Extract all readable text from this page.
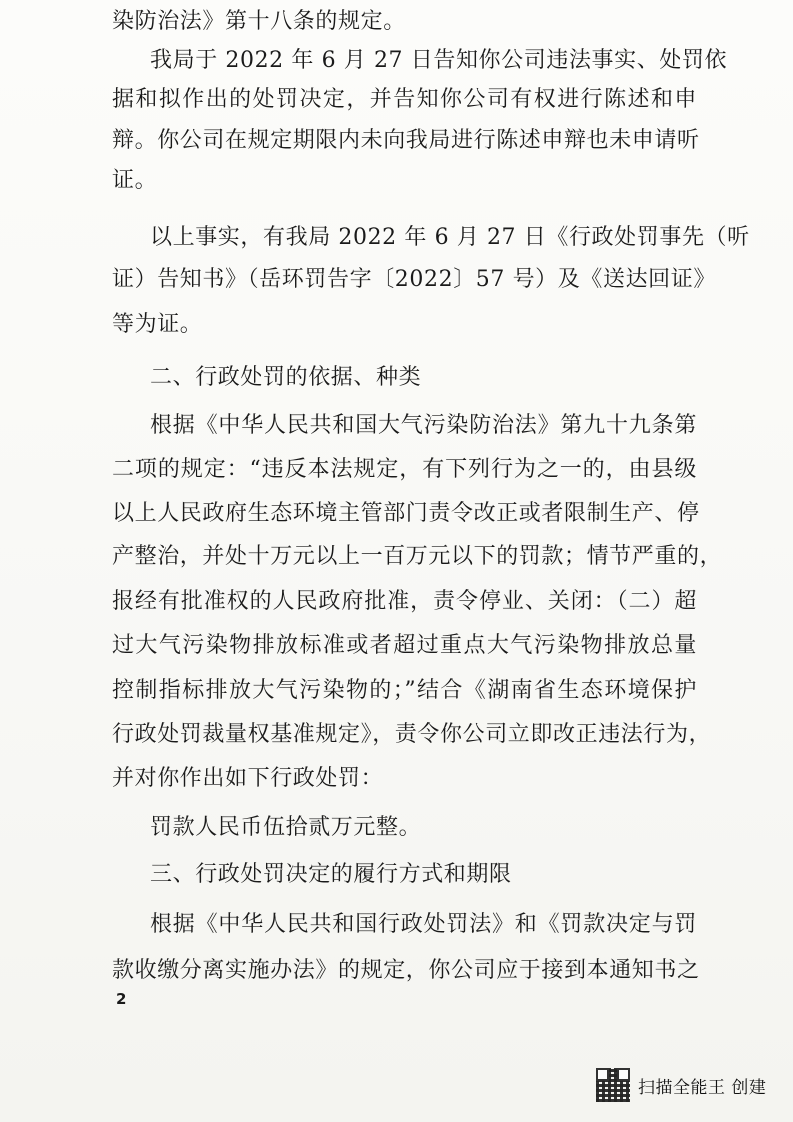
染防治法》第十八条的规定。
我局于 2022 年 6 月 27 日告知你公司违法事实、处罚依
据和拟作出的处罚决定，并告知你公司有权进行陈述和申
辩。你公司在规定期限内未向我局进行陈述申辩也未申请听
证。
以上事实，有我局 2022 年 6 月 27 日《行政处罚事先（听
证）告知书》（岳环罚告字〔2022〕57 号）及《送达回证》
等为证。
二、行政处罚的依据、种类
根据《中华人民共和国大气污染防治法》第九十九条第
二项的规定：“违反本法规定，有下列行为之一的，由县级
以上人民政府生态环境主管部门责令改正或者限制生产、停
产整治，并处十万元以上一百万元以下的罚款；情节严重的，
报经有批准权的人民政府批准，责令停业、关闭：（二）超
过大气污染物排放标准或者超过重点大气污染物排放总量
控制指标排放大气污染物的；”结合《湖南省生态环境保护
行政处罚裁量权基准规定》，责令你公司立即改正违法行为，
并对你作出如下行政处罚：
罚款人民币伍拾贰万元整。
三、行政处罚决定的履行方式和期限
根据《中华人民共和国行政处罚法》和《罚款决定与罚
款收缴分离实施办法》的规定，你公司应于接到本通知书之
2
扫描全能王 创建
